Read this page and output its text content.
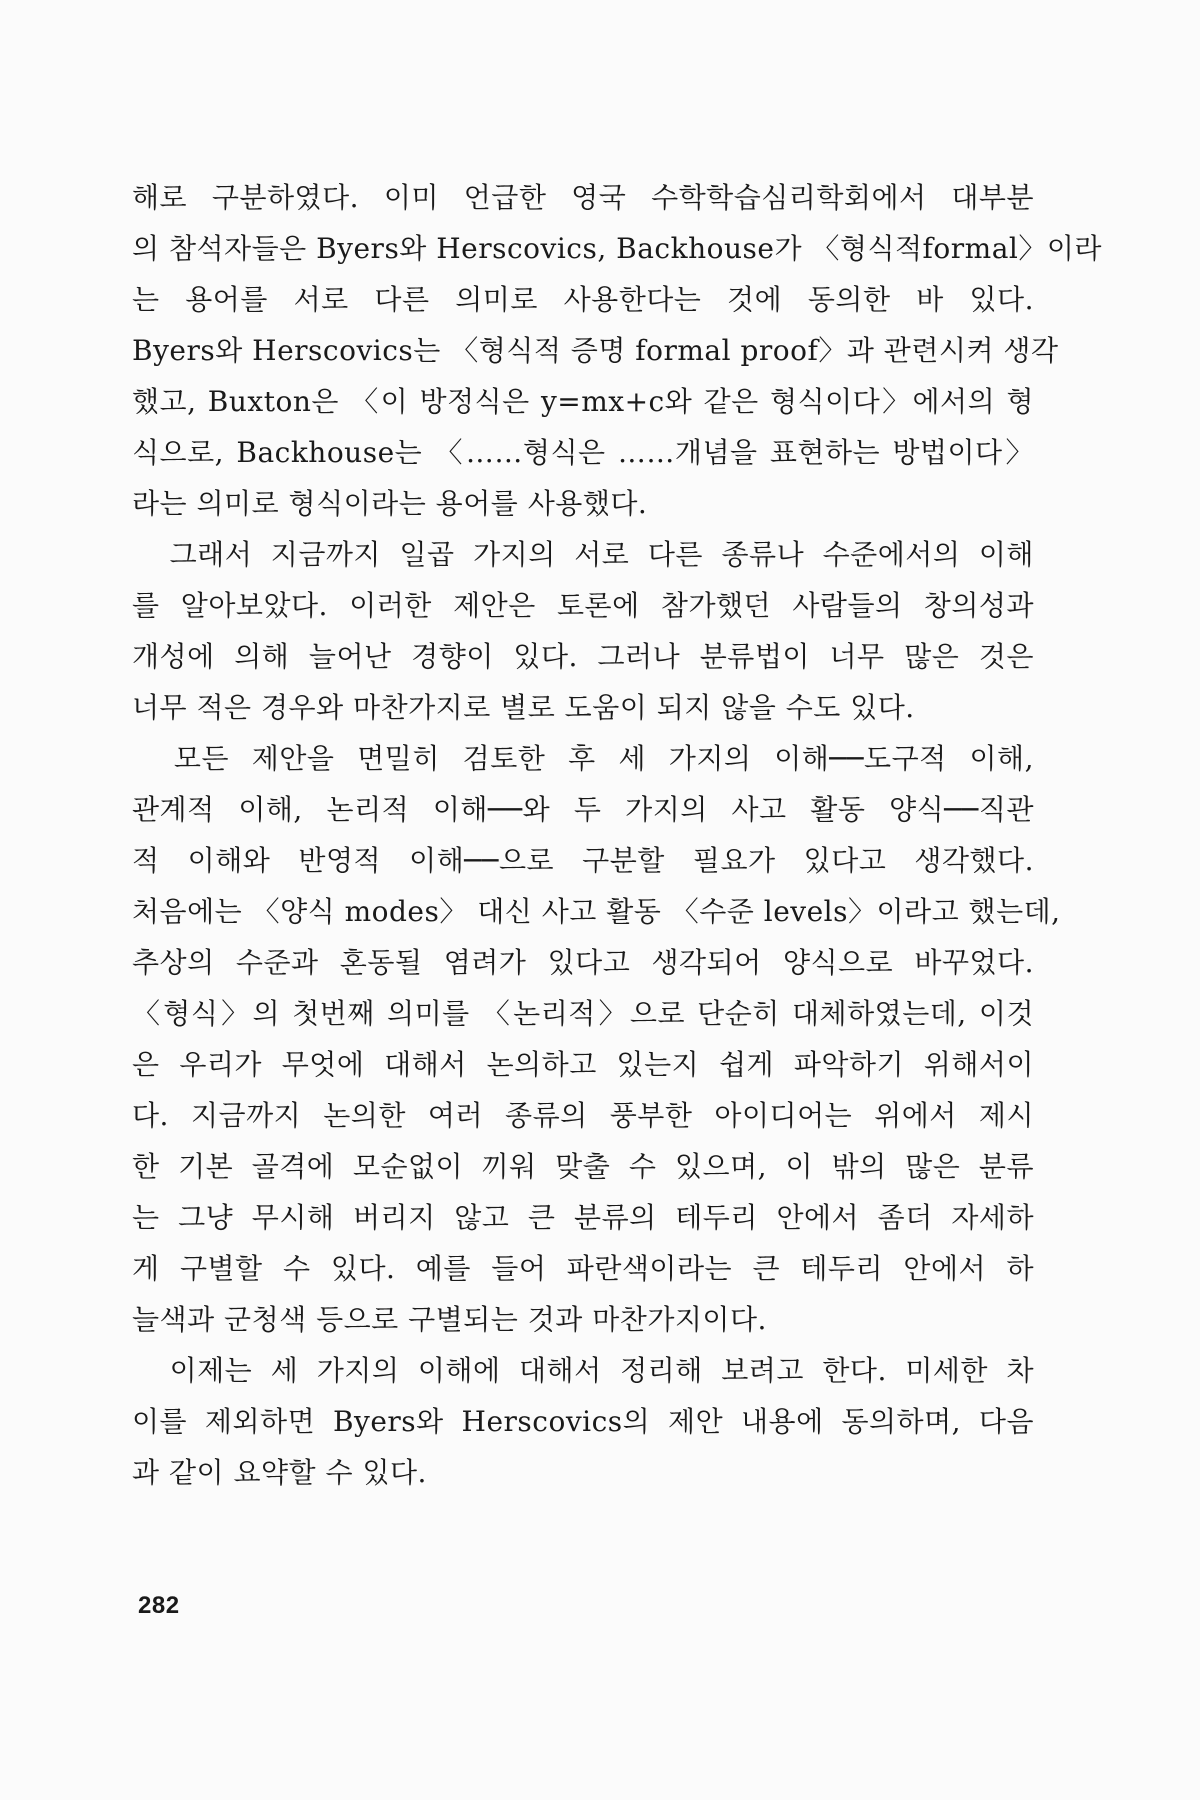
해로 구분하였다. 이미 언급한 영국 수학학습심리학회에서 대부분
의 참석자들은 Byers와 Herscovics, Backhouse가 〈형식적formal〉이라
는 용어를 서로 다른 의미로 사용한다는 것에 동의한 바 있다.
Byers와 Herscovics는 〈형식적 증명 formal proof〉과 관련시켜 생각
했고, Buxton은 〈이 방정식은 y=mx+c와 같은 형식이다〉에서의 형
식으로, Backhouse는 〈……형식은 ……개념을 표현하는 방법이다〉
라는 의미로 형식이라는 용어를 사용했다.
　그래서 지금까지 일곱 가지의 서로 다른 종류나 수준에서의 이해
를 알아보았다. 이러한 제안은 토론에 참가했던 사람들의 창의성과
개성에 의해 늘어난 경향이 있다. 그러나 분류법이 너무 많은 것은
너무 적은 경우와 마찬가지로 별로 도움이 되지 않을 수도 있다.
　모든 제안을 면밀히 검토한 후 세 가지의 이해──도구적 이해,
관계적 이해, 논리적 이해──와 두 가지의 사고 활동 양식──직관
적 이해와 반영적 이해──으로 구분할 필요가 있다고 생각했다.
처음에는 〈양식 modes〉 대신 사고 활동 〈수준 levels〉이라고 했는데,
추상의 수준과 혼동될 염려가 있다고 생각되어 양식으로 바꾸었다.
〈형식〉의 첫번째 의미를 〈논리적〉으로 단순히 대체하였는데, 이것
은 우리가 무엇에 대해서 논의하고 있는지 쉽게 파악하기 위해서이
다. 지금까지 논의한 여러 종류의 풍부한 아이디어는 위에서 제시
한 기본 골격에 모순없이 끼워 맞출 수 있으며, 이 밖의 많은 분류
는 그냥 무시해 버리지 않고 큰 분류의 테두리 안에서 좀더 자세하
게 구별할 수 있다. 예를 들어 파란색이라는 큰 테두리 안에서 하
늘색과 군청색 등으로 구별되는 것과 마찬가지이다.
　이제는 세 가지의 이해에 대해서 정리해 보려고 한다. 미세한 차
이를 제외하면 Byers와 Herscovics의 제안 내용에 동의하며, 다음
과 같이 요약할 수 있다.
282
